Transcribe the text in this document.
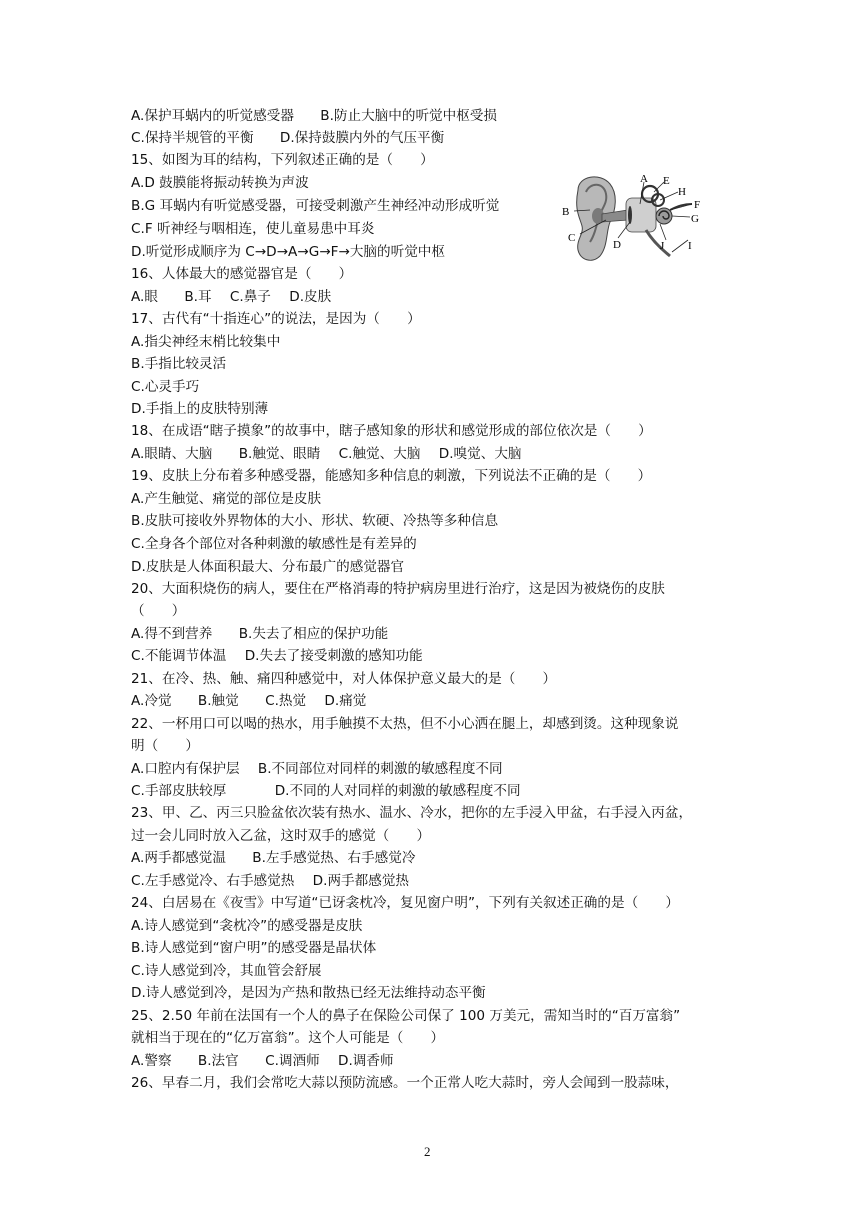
A.保护耳蜗内的听觉感受器 B.防止大脑中的听觉中枢受损
C.保持半规管的平衡 D.保持鼓膜内外的气压平衡
15、如图为耳的结构，下列叙述正确的是（　　）
A.D 鼓膜能将振动转换为声波
B.G 耳蜗内有听觉感受器，可接受刺激产生神经冲动形成听觉
C.F 听神经与咽相连，使儿童易患中耳炎
D.听觉形成顺序为 C→D→A→G→F→大脑的听觉中枢
A
B
C
D
E
F
G
H
I
J
16、人体最大的感觉器官是（　　）
A.眼 B.耳 C.鼻子 D.皮肤
17、古代有“十指连心”的说法，是因为（　　）
A.指尖神经末梢比较集中
B.手指比较灵活
C.心灵手巧
D.手指上的皮肤特别薄
18、在成语“瞎子摸象”的故事中，瞎子感知象的形状和感觉形成的部位依次是（　　）
A.眼睛、大脑 B.触觉、眼睛 C.触觉、大脑 D.嗅觉、大脑
19、皮肤上分布着多种感受器，能感知多种信息的刺激，下列说法不正确的是（　　）
A.产生触觉、痛觉的部位是皮肤
B.皮肤可接收外界物体的大小、形状、软硬、冷热等多种信息
C.全身各个部位对各种刺激的敏感性是有差异的
D.皮肤是人体面积最大、分布最广的感觉器官
20、大面积烧伤的病人，要住在严格消毒的特护病房里进行治疗，这是因为被烧伤的皮肤
（　　）
A.得不到营养 B.失去了相应的保护功能
C.不能调节体温 D.失去了接受刺激的感知功能
21、在冷、热、触、痛四种感觉中，对人体保护意义最大的是（　　）
A.冷觉 B.触觉 C.热觉 D.痛觉
22、一杯用口可以喝的热水，用手触摸不太热，但不小心洒在腿上，却感到烫。这种现象说
明（　　）
A.口腔内有保护层 B.不同部位对同样的刺激的敏感程度不同
C.手部皮肤较厚	D.不同的人对同样的刺激的敏感程度不同
23、甲、乙、丙三只脸盆依次装有热水、温水、冷水，把你的左手浸入甲盆，右手浸入丙盆，
过一会儿同时放入乙盆，这时双手的感觉（　　）
A.两手都感觉温 B.左手感觉热、右手感觉冷
C.左手感觉冷、右手感觉热 D.两手都感觉热
24、白居易在《夜雪》中写道“已讶衾枕冷，复见窗户明”，下列有关叙述正确的是（　　）
A.诗人感觉到“衾枕冷”的感受器是皮肤
B.诗人感觉到“窗户明”的感受器是晶状体
C.诗人感觉到冷，其血管会舒展
D.诗人感觉到冷，是因为产热和散热已经无法维持动态平衡
25、2.50 年前在法国有一个人的鼻子在保险公司保了 100 万美元，需知当时的“百万富翁”
就相当于现在的“亿万富翁”。这个人可能是（　　）
A.警察 B.法官 C.调酒师 D.调香师
26、早春二月，我们会常吃大蒜以预防流感。一个正常人吃大蒜时，旁人会闻到一股蒜味，
2
